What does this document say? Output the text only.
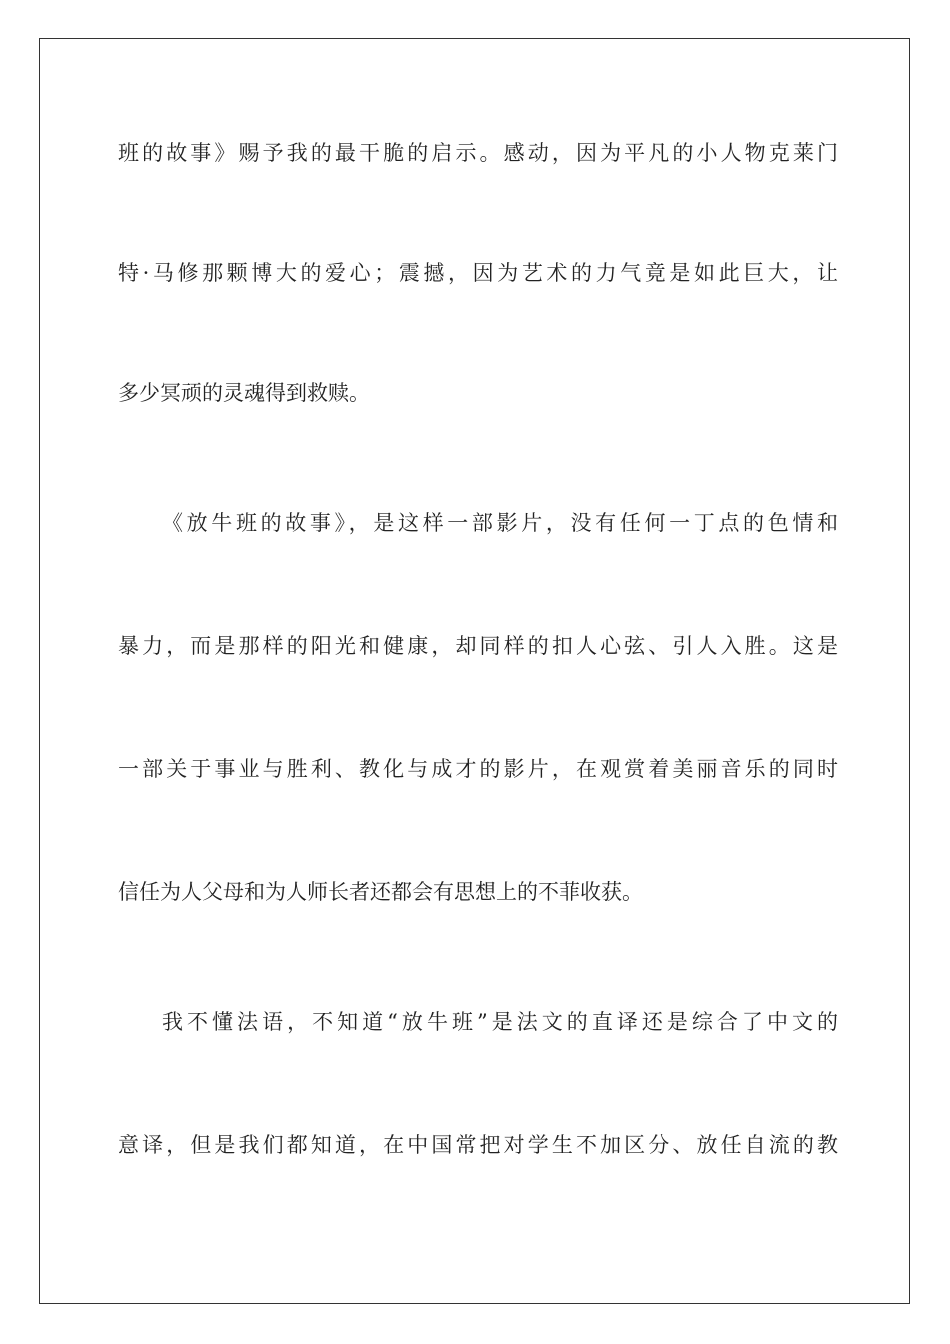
班的故事》赐予我的最干脆的启示。感动，因为平凡的小人物克莱门
特·马修那颗博大的爱心；震撼，因为艺术的力气竟是如此巨大，让
多少冥顽的灵魂得到救赎。
《放牛班的故事》，是这样一部影片，没有任何一丁点的色情和
暴力，而是那样的阳光和健康，却同样的扣人心弦、引人入胜。这是
一部关于事业与胜利、教化与成才的影片，在观赏着美丽音乐的同时
信任为人父母和为人师长者还都会有思想上的不菲收获。
我不懂法语，不知道“放牛班”是法文的直译还是综合了中文的
意译，但是我们都知道，在中国常把对学生不加区分、放任自流的教
